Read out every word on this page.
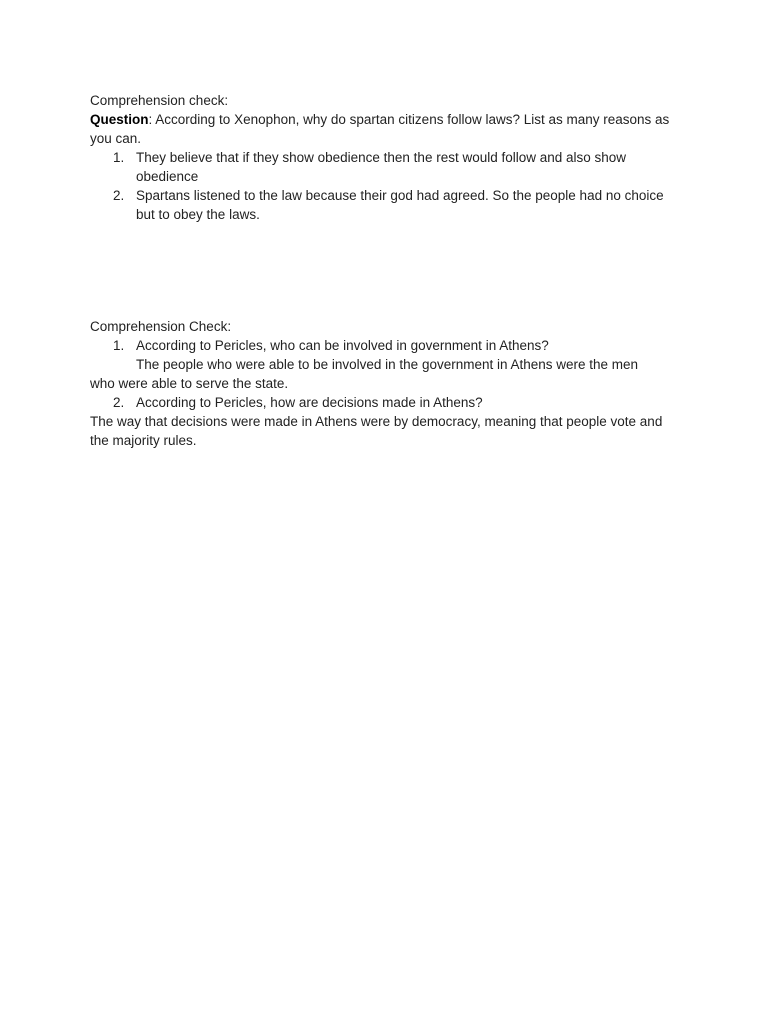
Comprehension check:
Question: According to Xenophon, why do spartan citizens follow laws? List as many reasons as you can.
1. They believe that if they show obedience then the rest would follow and also show obedience
2. Spartans listened to the law because their god had agreed. So the people had no choice but to obey the laws.
Comprehension Check:
1. According to Pericles, who can be involved in government in Athens?
The people who were able to be involved in the government in Athens were the men
who were able to serve the state.
2. According to Pericles, how are decisions made in Athens?
The way that decisions were made in Athens were by democracy, meaning that people vote and the majority rules.
